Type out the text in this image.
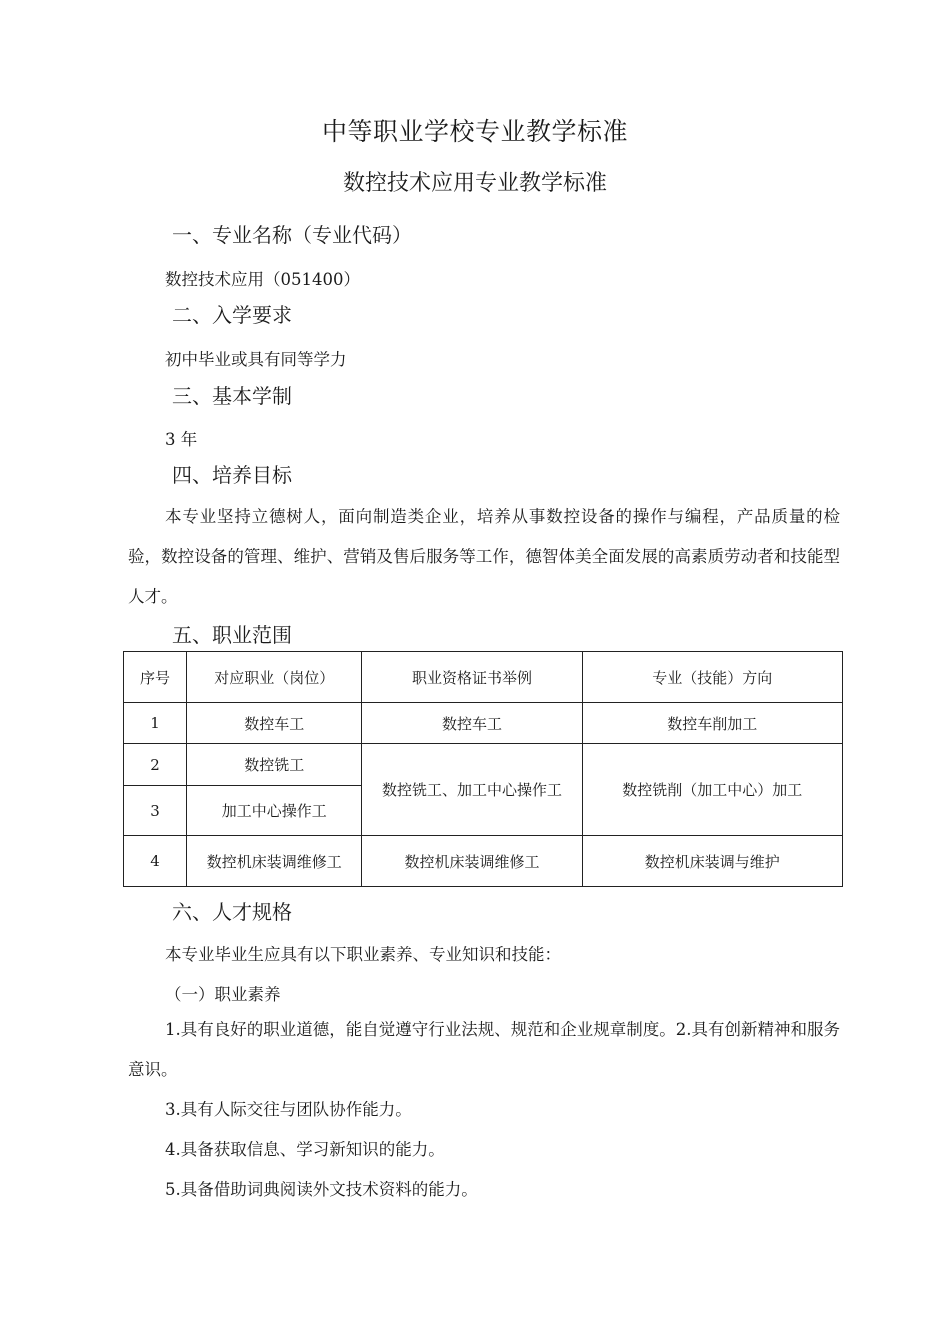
中等职业学校专业教学标准
数控技术应用专业教学标准
一、专业名称（专业代码）
数控技术应用（051400）
二、入学要求
初中毕业或具有同等学力
三、基本学制
3 年
四、培养目标
本专业坚持立德树人，面向制造类企业，培养从事数控设备的操作与编程，产品质量的检验，数控设备的管理、维护、营销及售后服务等工作，德智体美全面发展的高素质劳动者和技能型人才。
五、职业范围
序号	对应职业（岗位）	职业资格证书举例	专业（技能）方向
1	数控车工	数控车工	数控车削加工
2	数控铣工	数控铣工、加工中心操作工	数控铣削（加工中心）加工
3	加工中心操作工		
4	数控机床装调维修工	数控机床装调维修工	数控机床装调与维护
六、人才规格
本专业毕业生应具有以下职业素养、专业知识和技能：
（一）职业素养
1.具有良好的职业道德，能自觉遵守行业法规、规范和企业规章制度。2.具有创新精神和服务意识。
3.具有人际交往与团队协作能力。
4.具备获取信息、学习新知识的能力。
5.具备借助词典阅读外文技术资料的能力。
